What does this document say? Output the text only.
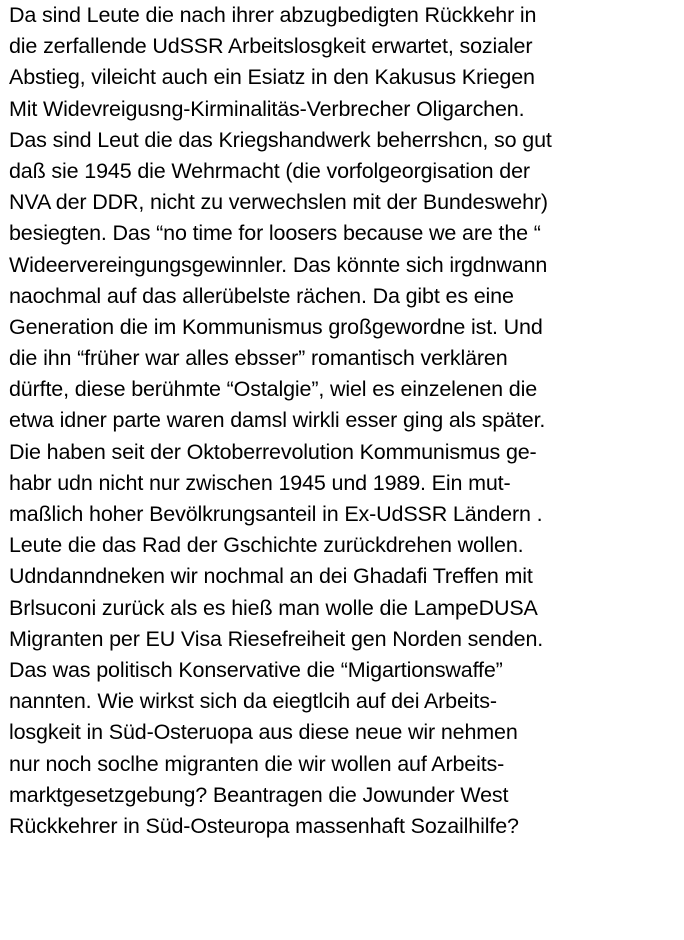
Da sind Leute die nach ihrer abzugbedigten Rückkehr in
die zerfallende UdSSR Arbeitslosgkeit erwartet, sozialer
Abstieg, vileicht auch ein Esiatz in den Kakusus Kriegen
Mit Widevreigusng-Kirminalitäs-Verbrecher Oligarchen.
Das sind Leut die das Kriegshandwerk beherrshcn, so gut
daß sie 1945 die Wehrmacht (die vorfolgeorgisation der
NVA der DDR, nicht zu verwechslen mit der Bundeswehr)
besiegten. Das “no time for loosers because we are the “
Wideervereingungsgewinnler. Das könnte sich irgdnwann
naochmal auf das allerübelste rächen. Da gibt es eine
Generation die im Kommunismus großgewordne ist. Und
die ihn “früher war alles ebsser” romantisch verklären
dürfte, diese berühmte “Ostalgie”, wiel es einzelenen die
etwa idner parte waren damsl wirkli esser ging als später.
Die haben seit der Oktoberrevolution Kommunismus ge-
habr udn nicht nur zwischen 1945 und 1989. Ein mut-
maßlich hoher Bevölkrungsanteil in Ex-UdSSR Ländern .
Leute die das Rad der Gschichte zurückdrehen wollen.
Udndanndneken wir nochmal an dei Ghadafi Treffen mit
Brlsuconi zurück als es hieß man wolle die LampeDUSA
Migranten per EU Visa Riesefreiheit gen Norden senden.
Das was politisch Konservative die “Migartionswaffe”
nannten. Wie wirkst sich da eiegtlcih auf dei Arbeits-
losgkeit in Süd-Osteruopa aus diese neue wir nehmen
nur noch soclhe migranten die wir wollen auf Arbeits-
marktgesetzgebung? Beantragen die Jowunder West
Rückkehrer in Süd-Osteuropa massenhaft Sozailhilfe?
